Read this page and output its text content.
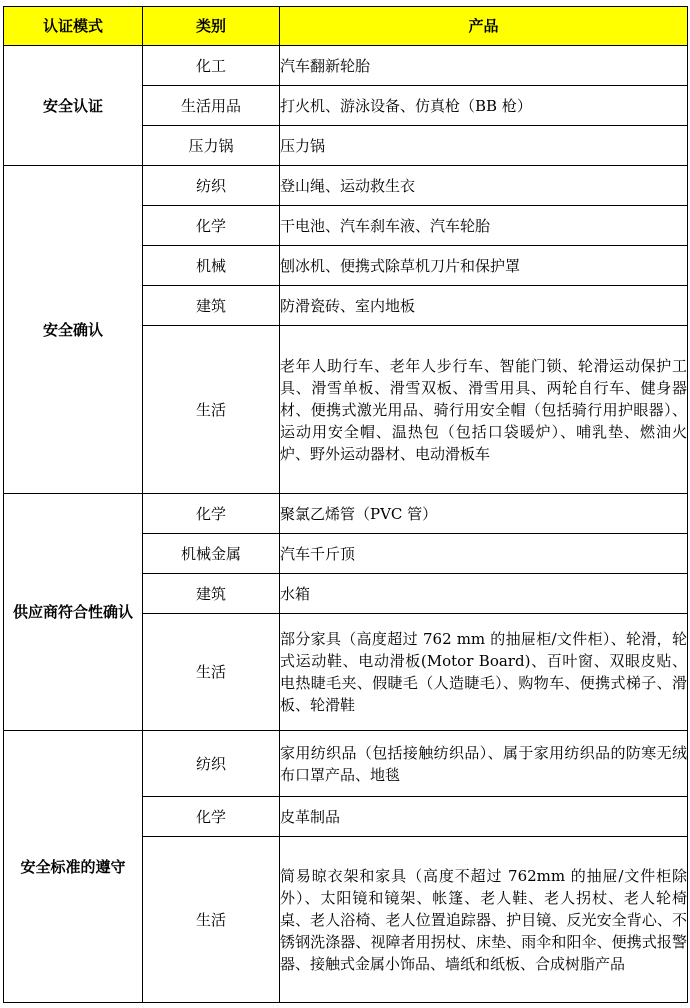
认证模式	类别	产品
安全认证	化工	汽车翻新轮胎
	生活用品	打火机、游泳设备、仿真枪（BB 枪）
	压力锅	压力锅
安全确认	纺织	登山绳、运动救生衣
	化学	干电池、汽车刹车液、汽车轮胎
	机械	刨冰机、便携式除草机刀片和保护罩
	建筑	防滑瓷砖、室内地板
	生活	老年人助行车、老年人步行车、智能门锁、轮滑运动保护工具、滑雪单板、滑雪双板、滑雪用具、两轮自行车、健身器材、便携式激光用品、骑行用安全帽（包括骑行用护眼器）、运动用安全帽、温热包（包括口袋暖炉）、哺乳垫、燃油火炉、野外运动器材、电动滑板车
供应商符合性确认	化学	聚氯乙烯管（PVC 管）
	机械金属	汽车千斤顶
	建筑	水箱
	生活	部分家具（高度超过 762 mm 的抽屉柜/文件柜）、轮滑，轮式运动鞋、电动滑板(Motor Board)、百叶窗、双眼皮贴、电热睫毛夹、假睫毛（人造睫毛）、购物车、便携式梯子、滑板、轮滑鞋
安全标准的遵守	纺织	家用纺织品（包括接触纺织品）、属于家用纺织品的防寒无绒布口罩产品、地毯
	化学	皮革制品
	生活	简易晾衣架和家具（高度不超过 762mm 的抽屉/文件柜除外）、太阳镜和镜架、帐篷、老人鞋、老人拐杖、老人轮椅桌、老人浴椅、老人位置追踪器、护目镜、反光安全背心、不锈钢洗涤器、视障者用拐杖、床垫、雨伞和阳伞、便携式报警器、接触式金属小饰品、墙纸和纸板、合成树脂产品
